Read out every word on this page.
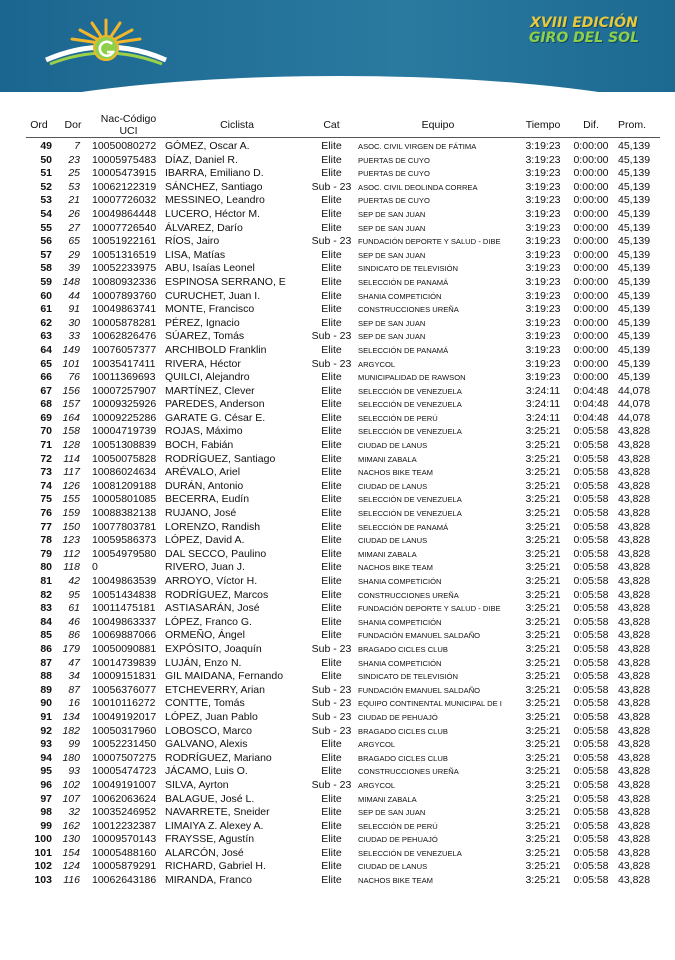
XVIII EDICIÓN
GIRO DEL SOL
Ord	Dor	Nac-Código UCI	Ciclista	Cat	Equipo	Tiempo	Dif.	Prom.
49	7	10050080272	GÓMEZ, Oscar A.	Elite	ASOC. CIVIL VIRGEN DE FÁTIMA	3:19:23	0:00:00	45,139
50	23	10005975483	DÍAZ, Daniel R.	Elite	PUERTAS DE CUYO	3:19:23	0:00:00	45,139
51	25	10005473915	IBARRA, Emiliano D.	Elite	PUERTAS DE CUYO	3:19:23	0:00:00	45,139
52	53	10062122319	SÁNCHEZ, Santiago	Sub - 23	ASOC. CIVIL DEOLINDA CORREA	3:19:23	0:00:00	45,139
53	21	10007726032	MESSINEO, Leandro	Elite	PUERTAS DE CUYO	3:19:23	0:00:00	45,139
54	26	10049864448	LUCERO, Héctor M.	Elite	SEP DE SAN JUAN	3:19:23	0:00:00	45,139
55	27	10007726540	ÁLVAREZ, Darío	Elite	SEP DE SAN JUAN	3:19:23	0:00:00	45,139
56	65	10051922161	RÍOS, Jairo	Sub - 23	FUNDACIÓN DEPORTE Y SALUD - DIBE	3:19:23	0:00:00	45,139
57	29	10051316519	LISA, Matías	Elite	SEP DE SAN JUAN	3:19:23	0:00:00	45,139
58	39	10052233975	ABU, Isaías Leonel	Elite	SINDICATO DE TELEVISIÓN	3:19:23	0:00:00	45,139
59	148	10080932336	ESPINOSA SERRANO, E	Elite	SELECCIÓN DE PANAMÁ	3:19:23	0:00:00	45,139
60	44	10007893760	CURUCHET, Juan I.	Elite	SHANIA COMPETICIÓN	3:19:23	0:00:00	45,139
61	91	10049863741	MONTE, Francisco	Elite	CONSTRUCCIONES UREÑA	3:19:23	0:00:00	45,139
62	30	10005878281	PÉREZ, Ignacio	Elite	SEP DE SAN JUAN	3:19:23	0:00:00	45,139
63	33	10062826476	SÚAREZ, Tomás	Sub - 23	SEP DE SAN JUAN	3:19:23	0:00:00	45,139
64	149	10076057377	ARCHIBOLD Franklin	Elite	SELECCIÓN DE PANAMÁ	3:19:23	0:00:00	45,139
65	101	10035417411	RIVERA, Héctor	Sub - 23	ARGYCOL	3:19:23	0:00:00	45,139
66	76	10011369693	QUILCI, Alejandro	Elite	MUNICIPALIDAD DE RAWSON	3:19:23	0:00:00	45,139
67	156	10007257907	MARTÍNEZ, Clever	Elite	SELECCIÓN DE VENEZUELA	3:24:11	0:04:48	44,078
68	157	10009325926	PAREDES, Anderson	Elite	SELECCIÓN DE VENEZUELA	3:24:11	0:04:48	44,078
69	164	10009225286	GARATE G. César E.	Elite	SELECCIÓN DE PERÚ	3:24:11	0:04:48	44,078
70	158	10004719739	ROJAS, Máximo	Elite	SELECCIÓN DE VENEZUELA	3:25:21	0:05:58	43,828
71	128	10051308839	BOCH, Fabián	Elite	CIUDAD DE LANUS	3:25:21	0:05:58	43,828
72	114	10050075828	RODRÍGUEZ, Santiago	Elite	MIMANI ZABALA	3:25:21	0:05:58	43,828
73	117	10086024634	ARÉVALO, Ariel	Elite	NACHOS BIKE TEAM	3:25:21	0:05:58	43,828
74	126	10081209188	DURÁN, Antonio	Elite	CIUDAD DE LANUS	3:25:21	0:05:58	43,828
75	155	10005801085	BECERRA, Eudín	Elite	SELECCIÓN DE VENEZUELA	3:25:21	0:05:58	43,828
76	159	10088382138	RUJANO, José	Elite	SELECCIÓN DE VENEZUELA	3:25:21	0:05:58	43,828
77	150	10077803781	LORENZO, Randish	Elite	SELECCIÓN DE PANAMÁ	3:25:21	0:05:58	43,828
78	123	10059586373	LÓPEZ, David A.	Elite	CIUDAD DE LANUS	3:25:21	0:05:58	43,828
79	112	10054979580	DAL SECCO, Paulino	Elite	MIMANI ZABALA	3:25:21	0:05:58	43,828
80	118	0	RIVERO, Juan J.	Elite	NACHOS BIKE TEAM	3:25:21	0:05:58	43,828
81	42	10049863539	ARROYO, Víctor H.	Elite	SHANIA COMPETICIÓN	3:25:21	0:05:58	43,828
82	95	10051434838	RODRÍGUEZ, Marcos	Elite	CONSTRUCCIONES UREÑA	3:25:21	0:05:58	43,828
83	61	10011475181	ASTIASARÁN, José	Elite	FUNDACIÓN DEPORTE Y SALUD - DIBE	3:25:21	0:05:58	43,828
84	46	10049863337	LÓPEZ, Franco G.	Elite	SHANIA COMPETICIÓN	3:25:21	0:05:58	43,828
85	86	10069887066	ORMEÑO, Ángel	Elite	FUNDACIÓN EMANUEL SALDAÑO	3:25:21	0:05:58	43,828
86	179	10050090881	EXPÓSITO, Joaquín	Sub - 23	BRAGADO CICLES CLUB	3:25:21	0:05:58	43,828
87	47	10014739839	LUJÁN, Enzo N.	Elite	SHANIA COMPETICIÓN	3:25:21	0:05:58	43,828
88	34	10009151831	GIL MAIDANA, Fernando	Elite	SINDICATO DE TELEVISIÓN	3:25:21	0:05:58	43,828
89	87	10056376077	ETCHEVERRY, Arian	Sub - 23	FUNDACIÓN EMANUEL SALDAÑO	3:25:21	0:05:58	43,828
90	16	10010116272	CONTTE, Tomás	Sub - 23	EQUIPO CONTINENTAL MUNICIPAL DE I	3:25:21	0:05:58	43,828
91	134	10049192017	LÓPEZ, Juan Pablo	Sub - 23	CIUDAD DE PEHUAJÓ	3:25:21	0:05:58	43,828
92	182	10050317960	LOBOSCO, Marco	Sub - 23	BRAGADO CICLES CLUB	3:25:21	0:05:58	43,828
93	99	10052231450	GALVANO, Alexis	Elite	ARGYCOL	3:25:21	0:05:58	43,828
94	180	10007507275	RODRÍGUEZ, Mariano	Elite	BRAGADO CICLES CLUB	3:25:21	0:05:58	43,828
95	93	10005474723	JÁCAMO, Luis O.	Elite	CONSTRUCCIONES UREÑA	3:25:21	0:05:58	43,828
96	102	10049191007	SILVA, Ayrton	Sub - 23	ARGYCOL	3:25:21	0:05:58	43,828
97	107	10062063624	BALAGUE, José L.	Elite	MIMANI ZABALA	3:25:21	0:05:58	43,828
98	32	10035246952	NAVARRETE, Sneider	Elite	SEP DE SAN JUAN	3:25:21	0:05:58	43,828
99	162	10012232387	LIMAIYA Z. Alexey A.	Elite	SELECCIÓN DE PERÚ	3:25:21	0:05:58	43,828
100	130	10009570143	FRAYSSE, Agustín	Elite	CIUDAD DE PEHUAJÓ	3:25:21	0:05:58	43,828
101	154	10005488160	ALARCÓN, José	Elite	SELECCIÓN DE VENEZUELA	3:25:21	0:05:58	43,828
102	124	10005879291	RICHARD, Gabriel H.	Elite	CIUDAD DE LANUS	3:25:21	0:05:58	43,828
103	116	10062643186	MIRANDA, Franco	Elite	NACHOS BIKE TEAM	3:25:21	0:05:58	43,828
